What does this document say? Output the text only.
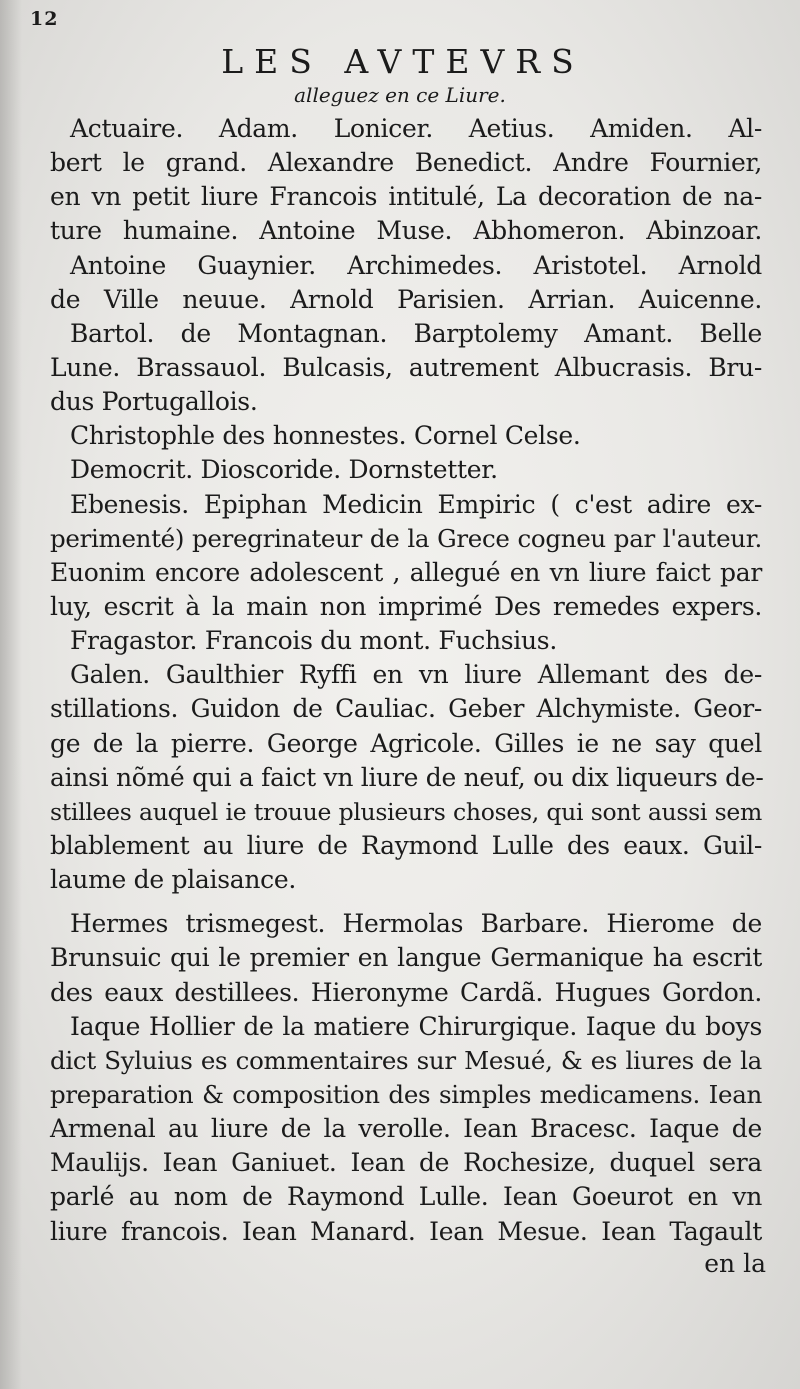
12
LES AVTEVRS
alleguez en ce Liure.
Actuaire. Adam. Lonicer. Aetius. Amiden. Al-
bert le grand. Alexandre Benedict. Andre Fournier,
en vn petit liure Francois intitulé, La decoration de na-
ture humaine. Antoine Muse. Abhomeron. Abinzoar.
Antoine Guaynier. Archimedes. Aristotel. Arnold
de Ville neuue. Arnold Parisien. Arrian. Auicenne.
Bartol. de Montagnan. Barptolemy Amant. Belle
Lune. Brassauol. Bulcasis, autrement Albucrasis. Bru-
dus Portugallois.
Christophle des honnestes. Cornel Celse.
Democrit. Dioscoride. Dornstetter.
Ebenesis. Epiphan Medicin Empiric ( c'est adire ex-
perimenté) peregrinateur de la Grece cogneu par l'auteur.
Euonim encore adolescent , allegué en vn liure faict par
luy, escrit à la main non imprimé Des remedes expers.
Fragastor. Francois du mont. Fuchsius.
Galen. Gaulthier Ryffi en vn liure Allemant des de-
stillations. Guidon de Cauliac. Geber Alchymiste. Geor-
ge de la pierre. George Agricole. Gilles ie ne say quel
ainsi nõmé qui a faict vn liure de neuf, ou dix liqueurs de-
stillees auquel ie trouue plusieurs choses, qui sont aussi sem
blablement au liure de Raymond Lulle des eaux. Guil-
laume de plaisance.
Hermes trismegest. Hermolas Barbare. Hierome de
Brunsuic qui le premier en langue Germanique ha escrit
des eaux destillees. Hieronyme Cardã. Hugues Gordon.
Iaque Hollier de la matiere Chirurgique. Iaque du boys
dict Syluius es commentaires sur Mesué, & es liures de la
preparation & composition des simples medicamens. Iean
Armenal au liure de la verolle. Iean Bracesc. Iaque de
Maulijs. Iean Ganiuet. Iean de Rochesize, duquel sera
parlé au nom de Raymond Lulle. Iean Goeurot en vn
liure francois. Iean Manard. Iean Mesue. Iean Tagault
en la
